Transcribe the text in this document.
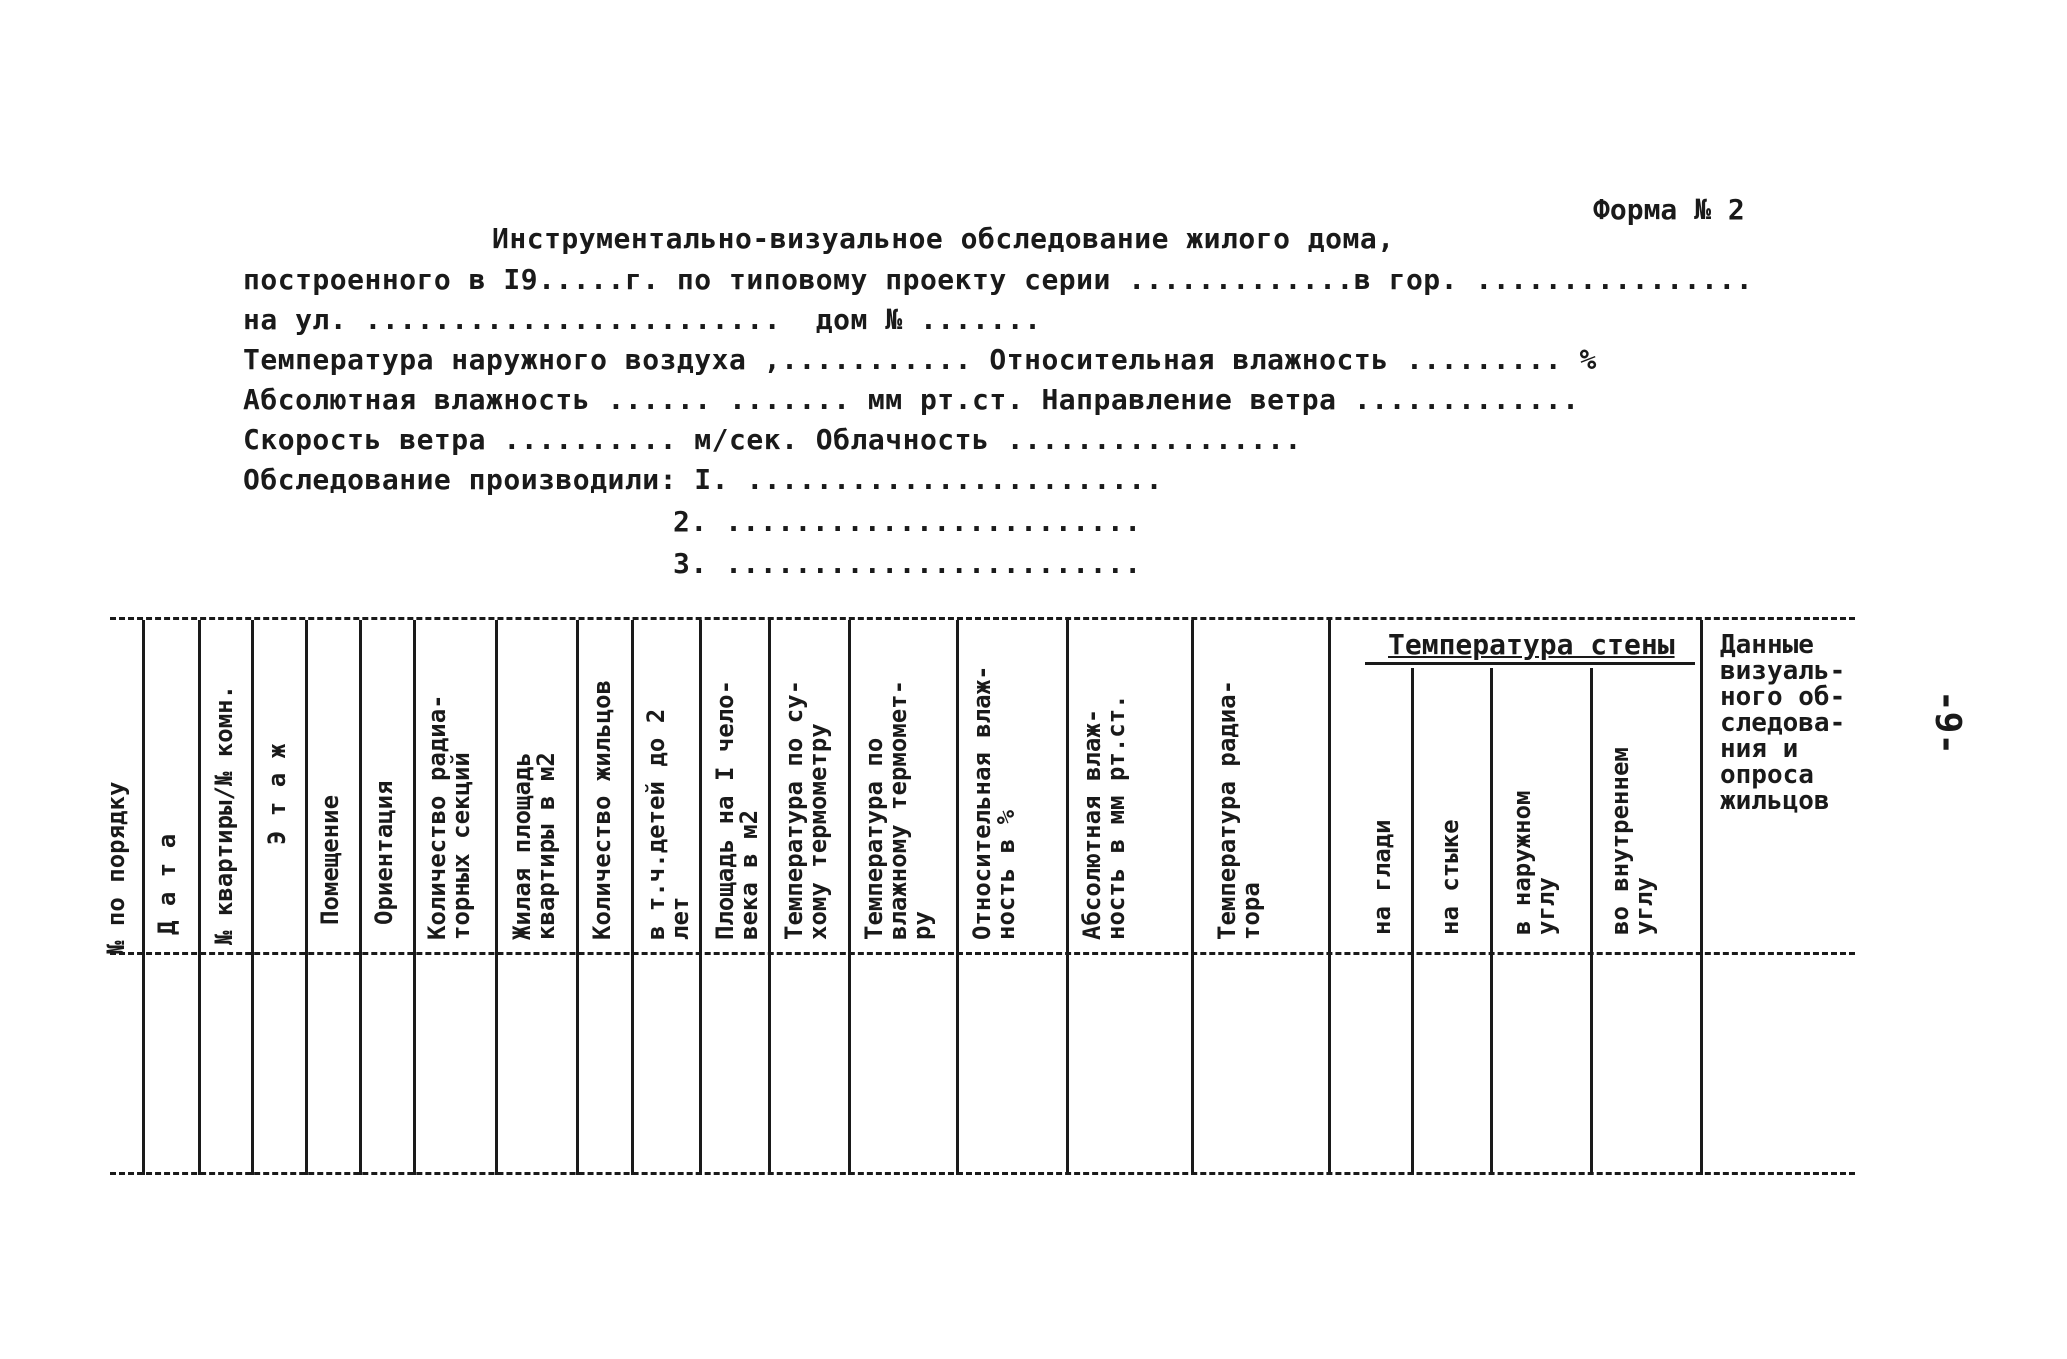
Форма № 2
Инструментально-визуальное обследование жилого дома,
построенного в I9.....г. по типовому проекту серии .............в гор. ................
на ул. ........................  дом № .......
Температура наружного воздуха ,........... Относительная влажность ......... %
Абсолютная влажность ...... ....... мм рт.ст. Направление ветра .............
Скорость ветра .......... м/сек. Облачность .................
Обследование производили: I. ........................
2. ........................
3. ........................
-9-
№ по порядку Д а т а № квартиры/№ комн. Э т а ж
Помещение Ориентация Количество радиа-
торных секций
Жилая площадь
квартиры в м2 Количество жильцов в т.ч.детей до 2
лет Площадь на I чело-
века в м2 Температура по су-
хому термометру Температура по
влажному термомет-
ру Относительная влаж-
ность в % Абсолютная влаж-
ность в мм рт.ст.
Температура радиа-
тора
Температура стены
на глади на стыке в наружном
углу во внутреннем
углу
Данные
визуаль-
ного об-
следова-
ния и
опроса
жильцов
